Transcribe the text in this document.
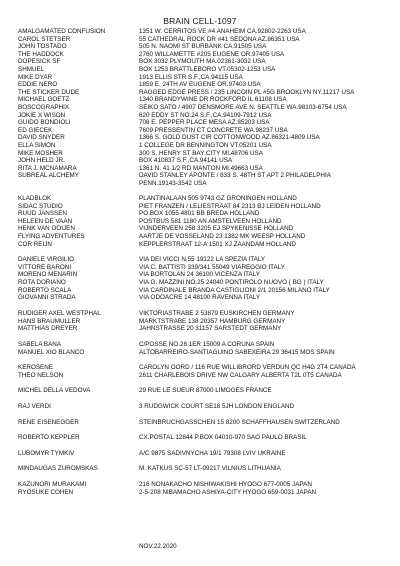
BRAIN CELL-1097
AMALGAMATED CONFUSION	1351 W. CERRITOS VE #4 ANAHEIM CA.92802-2263 USA
CAROL STETSER	55 CATHEDRAL ROCK DR #41 SEDONA AZ.86351 USA
JOHN TOSTADO	505 N. NAOMI ST BURBANK CA.91505 USA
THE HADDOCK	2760 WILLAMETTE #205 EUGENE OR.97405 USA
DOPESICK SF	BOX 3032 PLYMOUTH MA.02361-3032 USA
SHMUEL	BOX 1253 BRATTLEBORO VT.05302-1253 USA
MIKE DYAR	1913 ELLIS STR S.F.,CA.94115 USA
EDDIE NERO	1859 E. 24TH AV EUGENE OR.97403 USA
THE STICKER DUDE	RAGGED EDGE PRESS / 235 LINCOIN PL #5G BROOKLYN NY.11217 USA
MICHAEL GOETZ	1340 BRANDYWINE DR ROCKFORD IL.61108 USA
BOSCOGRAPHIX	SEIKO SATO / 4907 DENSMORE AVE N. SEATTLE WA.98103-6754 USA
JOKIE X WISON	620 EDDY ST NO.24 S.F.,CA.94109-7912 USA
GUIDO BONDIOLI	708 E. PEPPER PLACE MESA AZ.85203 USA
ED GIECEK	7609 PRESSENTIN CT CONCRETE WA.98237 USA
DAVID SNYDER	1366 S. GOLD DUST CIR COTTONWOOD AZ.86321-4809 USA
ELLA SIMON	1 COLLEGE DR BENNINGTON VT.05201 USA
MIKE MOSHER	300 S. HENRY ST BAY CITY MI.48706 USA
JOHN HELD JR.	BOX 410837 S.F.,CA.94141 USA
RITA J. MCNAMARA	1361 N. 41 1/2 RD MANTON MI.49663 USA
SUBREAL ALCHEMY	DAVID STANLEY APONTE / 833 S. 48TH ST APT 2 PHILADELPHIA
PENN.19143-3542 USA
KLADBLOK	PLANTINALAAN 505 9743 GZ GRONINGEN HOLLAND
SIDAC STUDIO	PIET FRANZEN / LELIESTRAAT 84 2313 BJ LEIDEN HOLLAND
RUUD JANSSEN	PO.BOX 1055 4801 BB BREDA HOLLAND
HELEEN DE VAAN	POSTBUS 581 1180 AN AMSTELVEEN HOLLAND
HENK VAN OOIJEN	VIJNDERVEEN 258 3205 EJ SPYKENISSE HOLLAND
FLYING ADVENTURES	AARTJE DE VOSSELAND 23 1382 MK WEESP HOLLAND
COR REIJN	KEPPLERSTRAAT 12-A 1501 XJ ZAANDAM HOLLAND
DANIELE VIRGILIO	VIA DEI VICCI N.55 19122 LA SPEZIA ITALY
VITTORE BARONI	VIA C. BATTISTI 339/341 55049 VIAREGGIO ITALY
MORENO MENARIN	VIA BORTOLAN 24 36100 VICENZA ITALY
ROTA DORIANO	VIA G. MAZZINI NO.25 24040 PONTIROLO NUOVO ( BG ) ITALY
ROBERTO SCALA	VIA CARDINALE BRANDA CASTIGLIONI 2/1 20156 MILANO ITALY
GIOVANNI STRADA	VIA ODOACRE 14 48100 RAVENNA ITALY
RUDIGER AXEL WESTPHAL	VIKTORIASTRABE 2 53879 EUSKIRCHEN GERMANY
HANS BRAUMULLER	MARKTSTRABE 138 20357 HAMBURG GERMANY
MATTHIAS DREYER	JAHNSTRASSE 20 31157 SARSTEDT GERMANY
SABELA BANA	C/POSSE NO.28 1ER 15009 A CORUNA SPAIN
MANUEL XIO BLANCO	ALTOBARREIRO-SANTIAGUINO SABEXEIRA 29 36415 MOS SPAIN
KEROSENE	CAROLYN OORD / 116 RUE WILLIBRORD VERDUN QC H4G 2T4 CANADA
THEO NELSON	2611 CHARLEBOIS DRIVE NW CALGARY ALBERTA T2L 0T5 CANADA
MICHEL DELLA VEDOVA	29 RUE LE SUEUR 87000 LIMOGES FRANCE
RAJ VERDI	3 RUDGWICK COURT SE18 5JH LONDON ENGLAND
RENE EISENEGGER	STEINBRUCHGASSCHEN 15 8200 SCHAFFHAUSEN SWITZERLAND
ROBERTO KEPPLER	CX.POSTAL 12844 P.BOX 04010-970 SAO PAULO BRASIL
LUBOMYR TYMKIV	A/C 9875 SADIVNYCHA 19/1 79308 LVIV UKRAINE
MINDAUGAS ZUROMSKAS	M. KATKUS SC-57 LT-09217 VILNIUS LITHUANIA
KAZUNORI MURAKAMI	216 NONAKACHO NISHIWAKISHI HYOGO 677-0005 JAPAN
RYOSUKE COHEN	2-5-208 NIBAMACHO ASHIYA-CITY HYOGO 659-0031 JAPAN
NOV.22.2020
